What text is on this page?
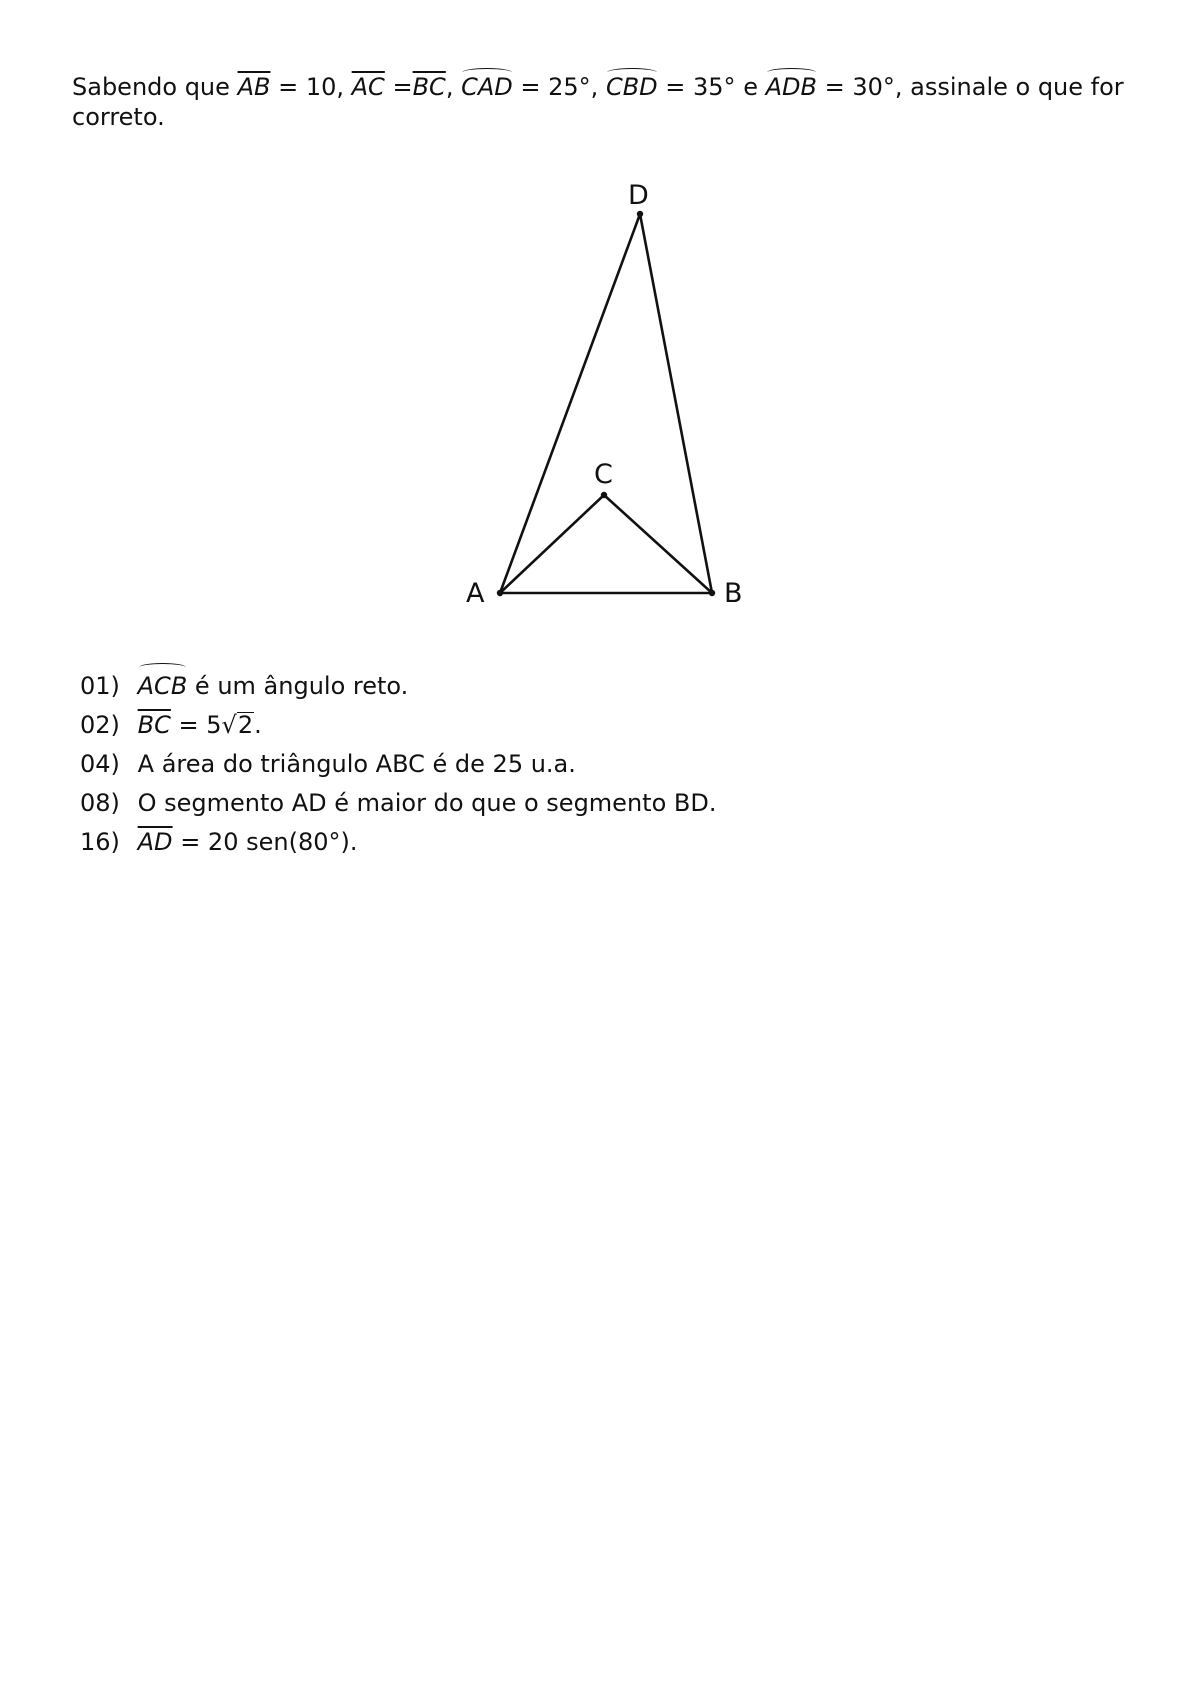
Sabendo que $\overline{AB} = 10$, $\overline{AC} =\overline{BC}$, CAD = 25°, CBD = 35° e ADB = 30°, assinale o que for correto.
D
C
A	B
01) ACB é um ângulo reto.
02) $\overline{BC} = 5√2$.
04) A área do triângulo ABC é de 25 u.a.
08) O segmento AD é maior do que o segmento BD.
16) $\overline{AD} = 20$ sen(80°).
